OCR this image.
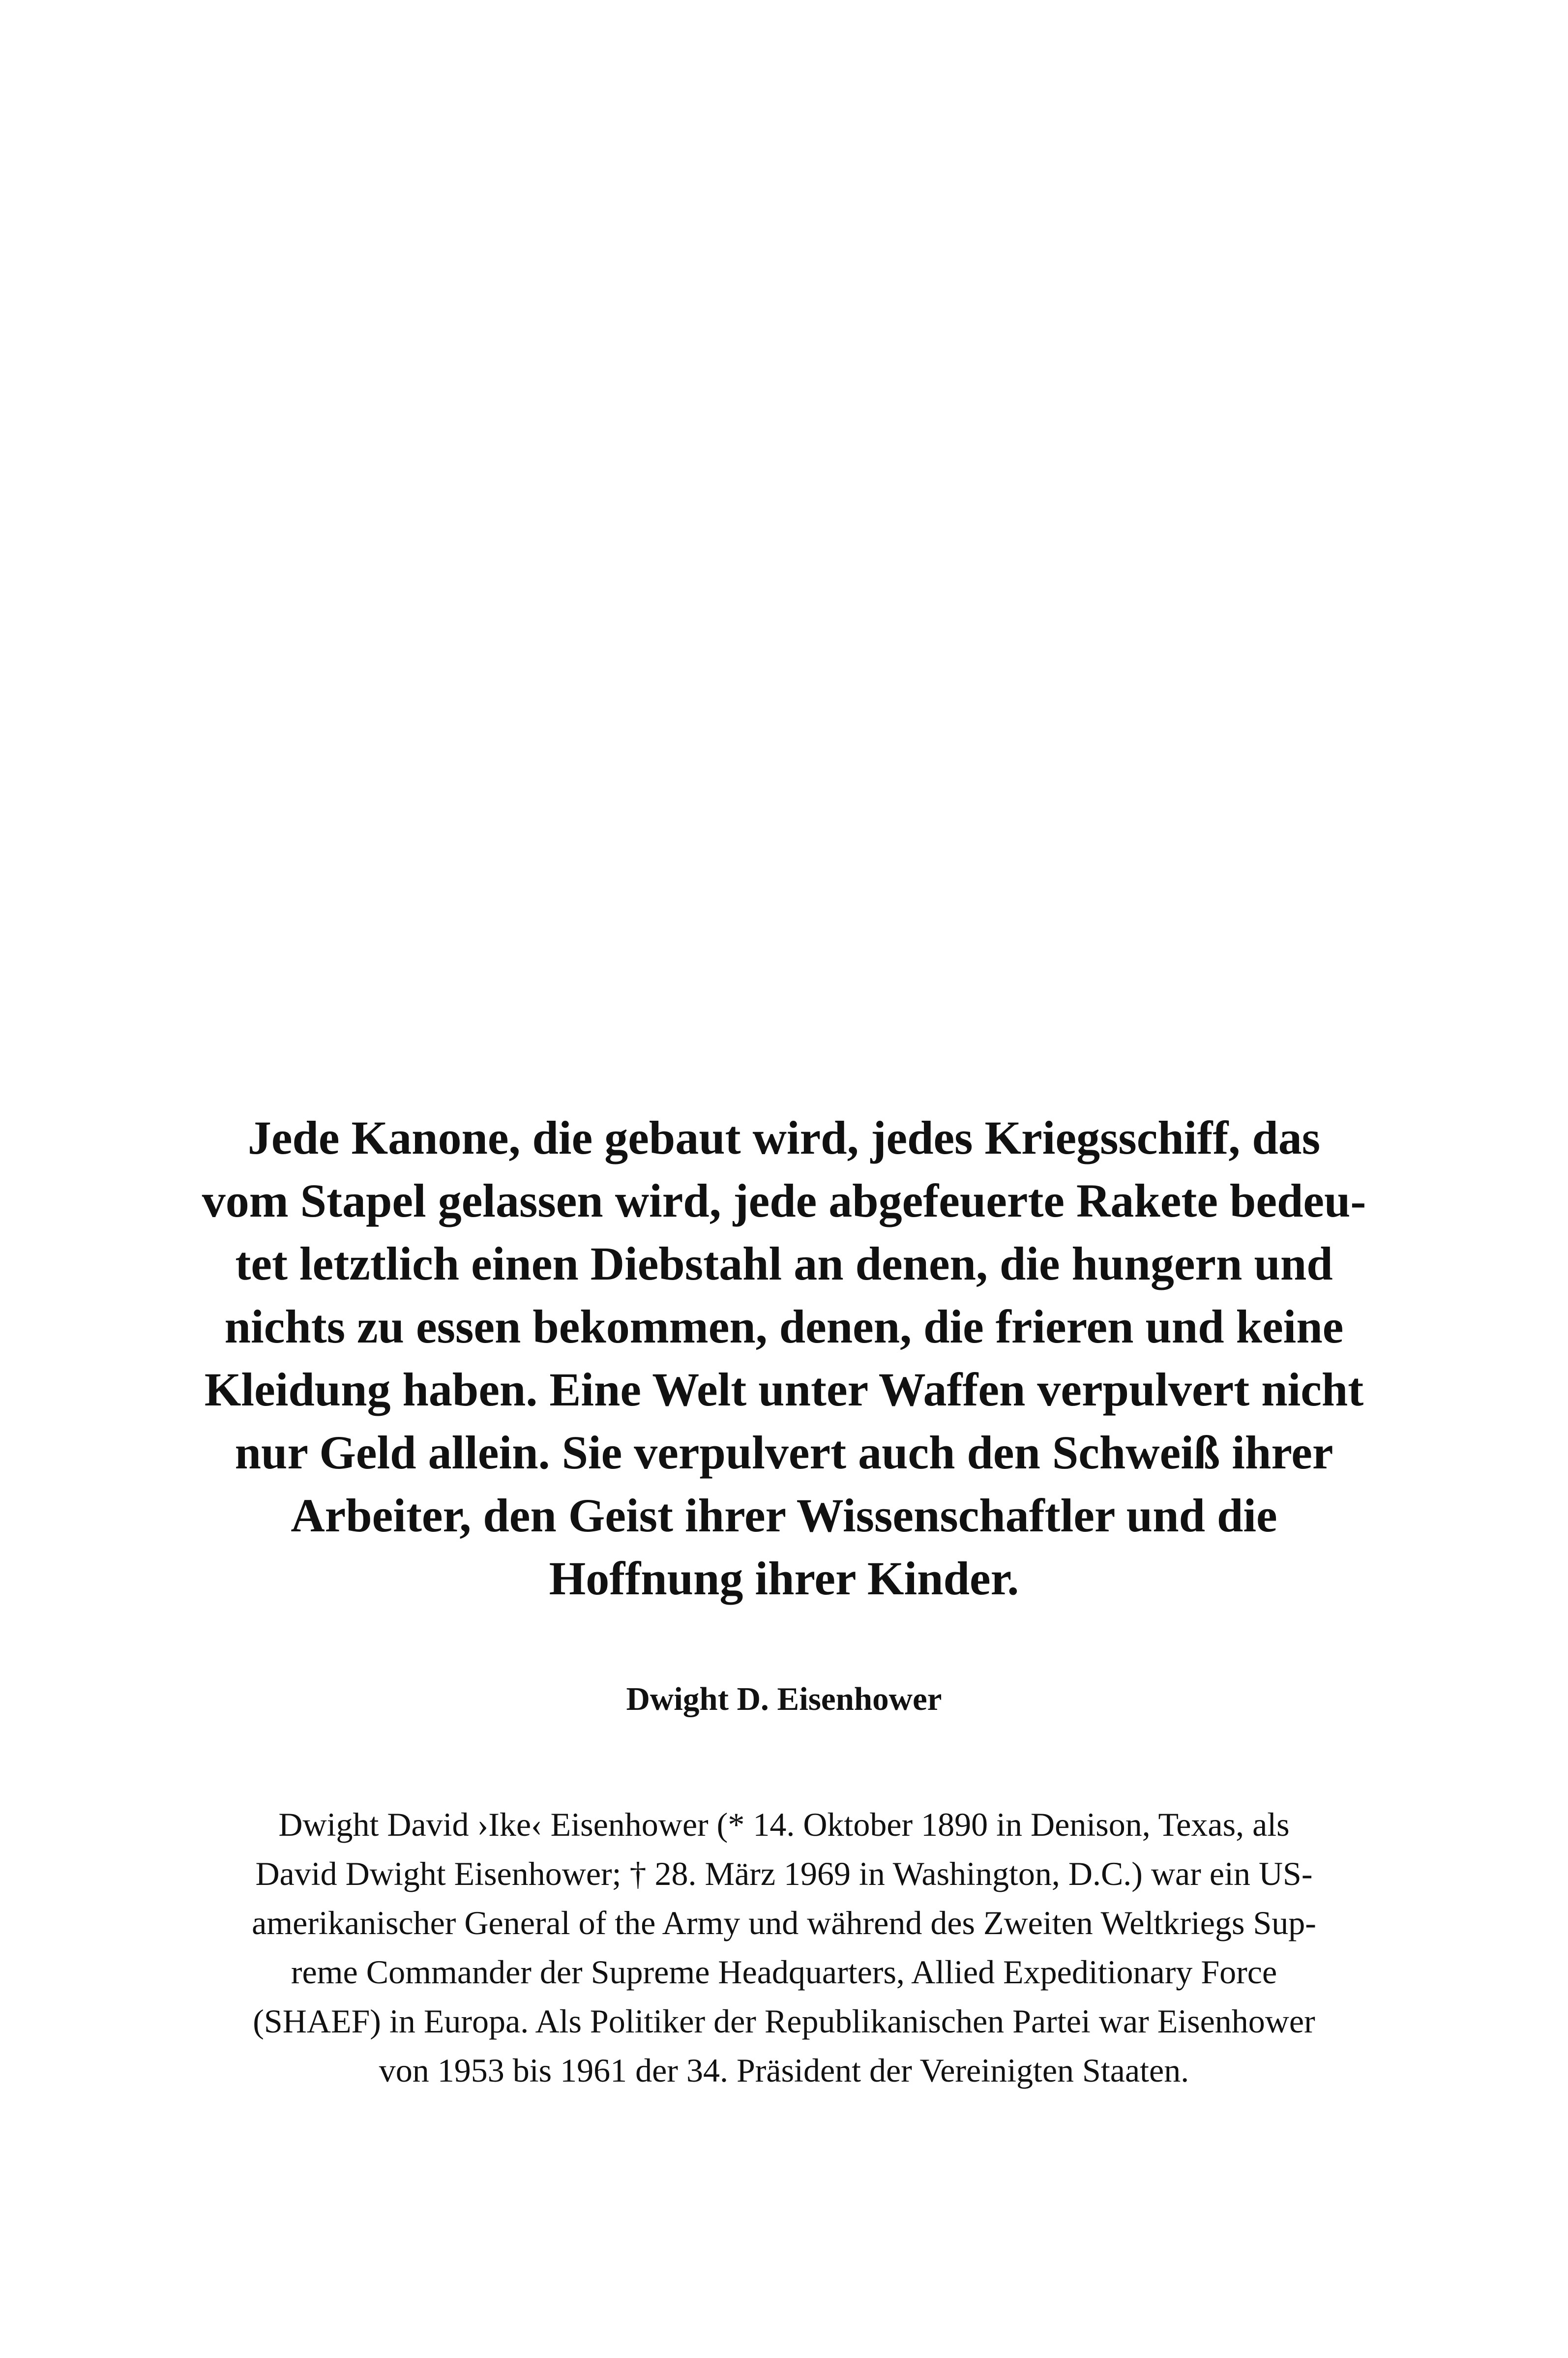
Jede Kanone, die gebaut wird, jedes Kriegsschiff, das
vom Stapel gelassen wird, jede abgefeuerte Rakete bedeu-
tet letztlich einen Diebstahl an denen, die hungern und
nichts zu essen bekommen, denen, die frieren und keine
Kleidung haben. Eine Welt unter Waffen verpulvert nicht
nur Geld allein. Sie verpulvert auch den Schweiß ihrer
Arbeiter, den Geist ihrer Wissenschaftler und die
Hoffnung ihrer Kinder.
Dwight D. Eisenhower
Dwight David ›Ike‹ Eisenhower (* 14. Oktober 1890 in Denison, Texas, als
David Dwight Eisenhower; † 28. März 1969 in Washington, D.C.) war ein US-
amerikanischer General of the Army und während des Zweiten Weltkriegs Sup-
reme Commander der Supreme Headquarters, Allied Expeditionary Force
(SHAEF) in Europa. Als Politiker der Republikanischen Partei war Eisenhower
von 1953 bis 1961 der 34. Präsident der Vereinigten Staaten.
